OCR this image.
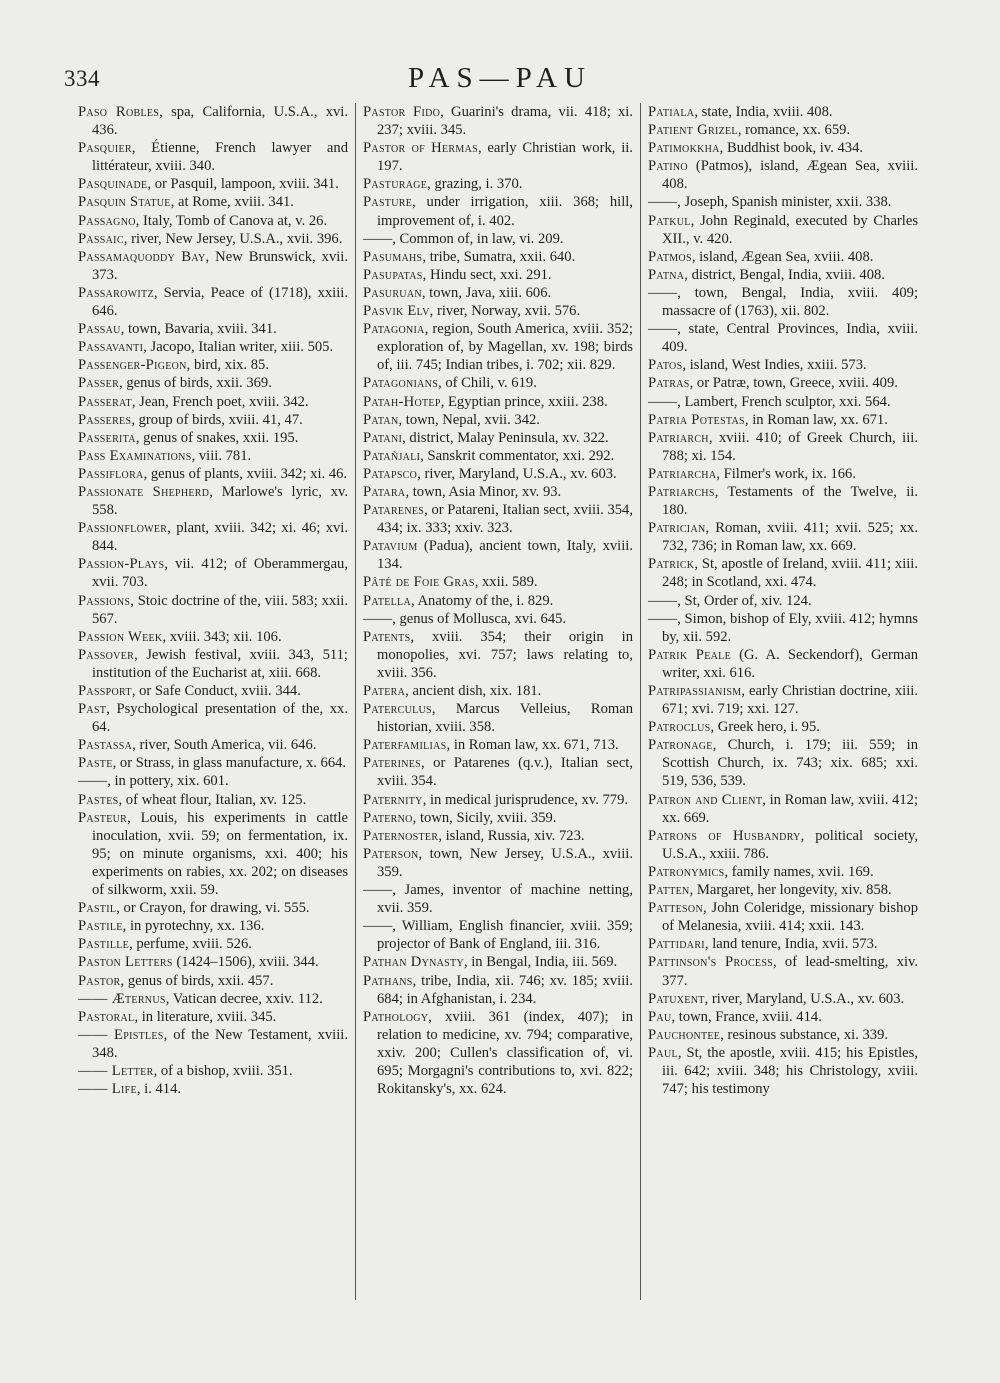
334	PAS—PAU

Paso Robles, spa, California, U.S.A., xvi. 436.

Pasquier, Étienne, French lawyer and littérateur, xviii. 340.

Pasquinade, or Pasquil, lampoon, xviii. 341.

Pasquin Statue, at Rome, xviii. 341.

Passagno, Italy, Tomb of Canova at, v. 26.

Passaic, river, New Jersey, U.S.A., xvii. 396.

Passamaquoddy Bay, New Brunswick, xvii. 373.

Passarowitz, Servia, Peace of (1718), xxiii. 646.

Passau, town, Bavaria, xviii. 341.

Passavanti, Jacopo, Italian writer, xiii. 505.

Passenger-Pigeon, bird, xix. 85.

Passer, genus of birds, xxii. 369.

Passerat, Jean, French poet, xviii. 342.

Passeres, group of birds, xviii. 41, 47.

Passerita, genus of snakes, xxii. 195.

Pass Examinations, viii. 781.

Passiflora, genus of plants, xviii. 342; xi. 46.

Passionate Shepherd, Marlowe's lyric, xv. 558.

Passionflower, plant, xviii. 342; xi. 46; xvi. 844.

Passion-Plays, vii. 412; of Oberammergau, xvii. 703.

Passions, Stoic doctrine of the, viii. 583; xxii. 567.

Passion Week, xviii. 343; xii. 106.

Passover, Jewish festival, xviii. 343, 511; institution of the Eucharist at, xiii. 668.

Passport, or Safe Conduct, xviii. 344.

Past, Psychological presentation of the, xx. 64.

Pastassa, river, South America, vii. 646.

Paste, or Strass, in glass manufacture, x. 664.

——, in pottery, xix. 601.

Pastes, of wheat flour, Italian, xv. 125.

Pasteur, Louis, his experiments in cattle inoculation, xvii. 59; on fermentation, ix. 95; on minute organisms, xxi. 400; his experiments on rabies, xx. 202; on diseases of silkworm, xxii. 59.

Pastil, or Crayon, for drawing, vi. 555.

Pastile, in pyrotechny, xx. 136.

Pastille, perfume, xviii. 526.

Paston Letters (1424–1506), xviii. 344.

Pastor, genus of birds, xxii. 457.

—— Æternus, Vatican decree, xxiv. 112.

Pastoral, in literature, xviii. 345.

—— Epistles, of the New Testament, xviii. 348.

—— Letter, of a bishop, xviii. 351.

—— Life, i. 414.

Pastor Fido, Guarini's drama, vii. 418; xi. 237; xviii. 345.

Pastor of Hermas, early Christian work, ii. 197.

Pasturage, grazing, i. 370.

Pasture, under irrigation, xiii. 368; hill, improvement of, i. 402.

——, Common of, in law, vi. 209.

Pasumahs, tribe, Sumatra, xxii. 640.

Pasupatas, Hindu sect, xxi. 291.

Pasuruan, town, Java, xiii. 606.

Pasvik Elv, river, Norway, xvii. 576.

Patagonia, region, South America, xviii. 352; exploration of, by Magellan, xv. 198; birds of, iii. 745; Indian tribes, i. 702; xii. 829.

Patagonians, of Chili, v. 619.

Patah-Hotep, Egyptian prince, xxiii. 238.

Patan, town, Nepal, xvii. 342.

Patani, district, Malay Peninsula, xv. 322.

Patañjali, Sanskrit commentator, xxi. 292.

Patapsco, river, Maryland, U.S.A., xv. 603.

Patara, town, Asia Minor, xv. 93.

Patarenes, or Patareni, Italian sect, xviii. 354, 434; ix. 333; xxiv. 323.

Patavium (Padua), ancient town, Italy, xviii. 134.

Pâté de Foie Gras, xxii. 589.

Patella, Anatomy of the, i. 829.

——, genus of Mollusca, xvi. 645.

Patents, xviii. 354; their origin in monopolies, xvi. 757; laws relating to, xviii. 356.

Patera, ancient dish, xix. 181.

Paterculus, Marcus Velleius, Roman historian, xviii. 358.

Paterfamilias, in Roman law, xx. 671, 713.

Paterines, or Patarenes (q.v.), Italian sect, xviii. 354.

Paternity, in medical jurisprudence, xv. 779.

Paterno, town, Sicily, xviii. 359.

Paternoster, island, Russia, xiv. 723.

Paterson, town, New Jersey, U.S.A., xviii. 359.

——, James, inventor of machine netting, xvii. 359.

——, William, English financier, xviii. 359; projector of Bank of England, iii. 316.

Pathan Dynasty, in Bengal, India, iii. 569.

Pathans, tribe, India, xii. 746; xv. 185; xviii. 684; in Afghanistan, i. 234.

Pathology, xviii. 361 (index, 407); in relation to medicine, xv. 794; comparative, xxiv. 200; Cullen's classification of, vi. 695; Morgagni's contributions to, xvi. 822; Rokitansky's, xx. 624.

Patiala, state, India, xviii. 408.

Patient Grizel, romance, xx. 659.

Patimokkha, Buddhist book, iv. 434.

Patino (Patmos), island, Ægean Sea, xviii. 408.

——, Joseph, Spanish minister, xxii. 338.

Patkul, John Reginald, executed by Charles XII., v. 420.

Patmos, island, Ægean Sea, xviii. 408.

Patna, district, Bengal, India, xviii. 408.

——, town, Bengal, India, xviii. 409; massacre of (1763), xii. 802.

——, state, Central Provinces, India, xviii. 409.

Patos, island, West Indies, xxiii. 573.

Patras, or Patræ, town, Greece, xviii. 409.

——, Lambert, French sculptor, xxi. 564.

Patria Potestas, in Roman law, xx. 671.

Patriarch, xviii. 410; of Greek Church, iii. 788; xi. 154.

Patriarcha, Filmer's work, ix. 166.

Patriarchs, Testaments of the Twelve, ii. 180.

Patrician, Roman, xviii. 411; xvii. 525; xx. 732, 736; in Roman law, xx. 669.

Patrick, St, apostle of Ireland, xviii. 411; xiii. 248; in Scotland, xxi. 474.

——, St, Order of, xiv. 124.

——, Simon, bishop of Ely, xviii. 412; hymns by, xii. 592.

Patrik Peale (G. A. Seckendorf), German writer, xxi. 616.

Patripassianism, early Christian doctrine, xiii. 671; xvi. 719; xxi. 127.

Patroclus, Greek hero, i. 95.

Patronage, Church, i. 179; iii. 559; in Scottish Church, ix. 743; xix. 685; xxi. 519, 536, 539.

Patron and Client, in Roman law, xviii. 412; xx. 669.

Patrons of Husbandry, political society, U.S.A., xxiii. 786.

Patronymics, family names, xvii. 169.

Patten, Margaret, her longevity, xiv. 858.

Patteson, John Coleridge, missionary bishop of Melanesia, xviii. 414; xxii. 143.

Pattidari, land tenure, India, xvii. 573.

Pattinson's Process, of lead-smelting, xiv. 377.

Patuxent, river, Maryland, U.S.A., xv. 603.

Pau, town, France, xviii. 414.

Pauchontee, resinous substance, xi. 339.

Paul, St, the apostle, xviii. 415; his Epistles, iii. 642; xviii. 348; his Christology, xviii. 747; his testimony
